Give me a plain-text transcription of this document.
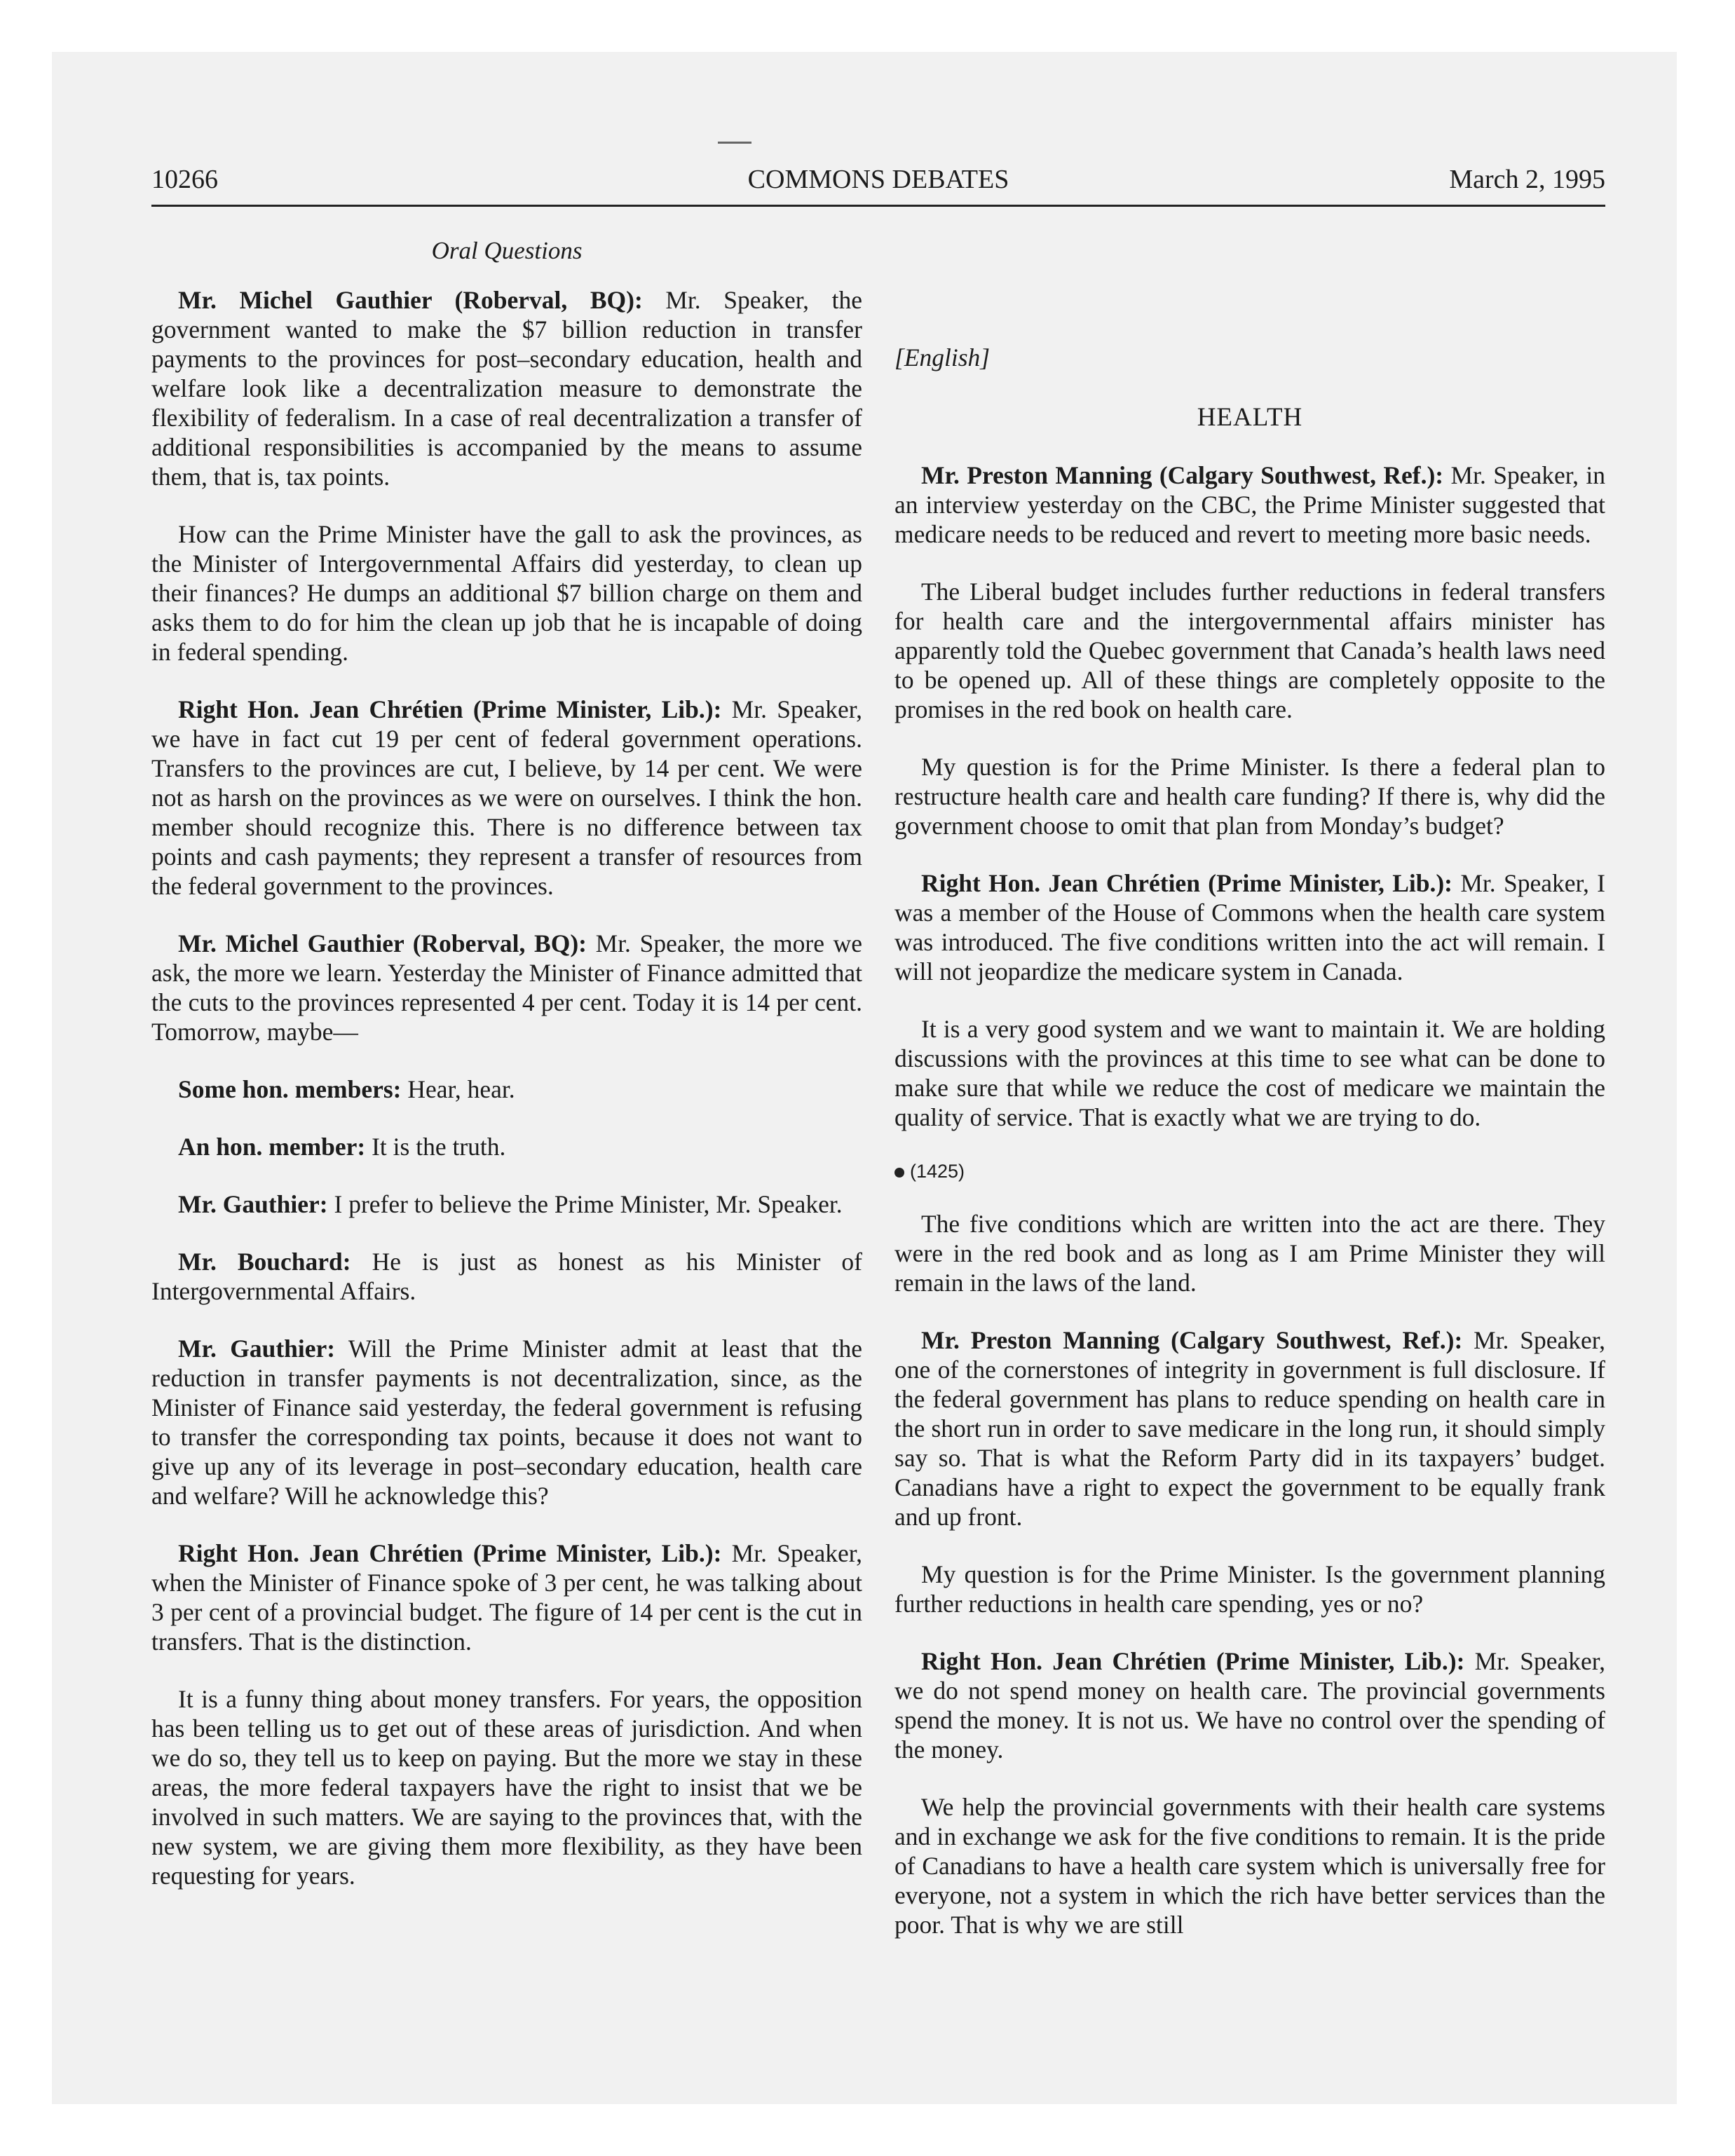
10266	COMMONS DEBATES	March 2, 1995
Oral Questions

Mr. Michel Gauthier (Roberval, BQ): Mr. Speaker, the government wanted to make the $7 billion reduction in transfer payments to the provinces for post–secondary education, health and welfare look like a decentralization measure to demonstrate the flexibility of federalism. In a case of real decentralization a transfer of additional responsibilities is accompanied by the means to assume them, that is, tax points.

How can the Prime Minister have the gall to ask the provinces, as the Minister of Intergovernmental Affairs did yesterday, to clean up their finances? He dumps an additional $7 billion charge on them and asks them to do for him the clean up job that he is incapable of doing in federal spending.

Right Hon. Jean Chrétien (Prime Minister, Lib.): Mr. Speaker, we have in fact cut 19 per cent of federal government operations. Transfers to the provinces are cut, I believe, by 14 per cent. We were not as harsh on the provinces as we were on ourselves. I think the hon. member should recognize this. There is no difference between tax points and cash payments; they represent a transfer of resources from the federal government to the provinces.

Mr. Michel Gauthier (Roberval, BQ): Mr. Speaker, the more we ask, the more we learn. Yesterday the Minister of Finance admitted that the cuts to the provinces represented 4 per cent. Today it is 14 per cent. Tomorrow, maybe—

Some hon. members: Hear, hear.

An hon. member: It is the truth.

Mr. Gauthier: I prefer to believe the Prime Minister, Mr. Speaker.

Mr. Bouchard: He is just as honest as his Minister of Intergovernmental Affairs.

Mr. Gauthier: Will the Prime Minister admit at least that the reduction in transfer payments is not decentralization, since, as the Minister of Finance said yesterday, the federal government is refusing to transfer the corresponding tax points, because it does not want to give up any of its leverage in post–secondary education, health care and welfare? Will he acknowledge this?

Right Hon. Jean Chrétien (Prime Minister, Lib.): Mr. Speaker, when the Minister of Finance spoke of 3 per cent, he was talking about 3 per cent of a provincial budget. The figure of 14 per cent is the cut in transfers. That is the distinction.

It is a funny thing about money transfers. For years, the opposition has been telling us to get out of these areas of jurisdiction. And when we do so, they tell us to keep on paying. But the more we stay in these areas, the more federal taxpayers have the right to insist that we be involved in such matters. We are saying to the provinces that, with the new system, we are giving them more flexibility, as they have been requesting for years.

[English]
HEALTH

Mr. Preston Manning (Calgary Southwest, Ref.): Mr. Speaker, in an interview yesterday on the CBC, the Prime Minister suggested that medicare needs to be reduced and revert to meeting more basic needs.

The Liberal budget includes further reductions in federal transfers for health care and the intergovernmental affairs minister has apparently told the Quebec government that Canada’s health laws need to be opened up. All of these things are completely opposite to the promises in the red book on health care.

My question is for the Prime Minister. Is there a federal plan to restructure health care and health care funding? If there is, why did the government choose to omit that plan from Monday’s budget?

Right Hon. Jean Chrétien (Prime Minister, Lib.): Mr. Speaker, I was a member of the House of Commons when the health care system was introduced. The five conditions written into the act will remain. I will not jeopardize the medicare system in Canada.

It is a very good system and we want to maintain it. We are holding discussions with the provinces at this time to see what can be done to make sure that while we reduce the cost of medicare we maintain the quality of service. That is exactly what we are trying to do.

(1425)

The five conditions which are written into the act are there. They were in the red book and as long as I am Prime Minister they will remain in the laws of the land.

Mr. Preston Manning (Calgary Southwest, Ref.): Mr. Speaker, one of the cornerstones of integrity in government is full disclosure. If the federal government has plans to reduce spending on health care in the short run in order to save medicare in the long run, it should simply say so. That is what the Reform Party did in its taxpayers’ budget. Canadians have a right to expect the government to be equally frank and up front.

My question is for the Prime Minister. Is the government planning further reductions in health care spending, yes or no?

Right Hon. Jean Chrétien (Prime Minister, Lib.): Mr. Speaker, we do not spend money on health care. The provincial governments spend the money. It is not us. We have no control over the spending of the money.

We help the provincial governments with their health care systems and in exchange we ask for the five conditions to remain. It is the pride of Canadians to have a health care system which is universally free for everyone, not a system in which the rich have better services than the poor. That is why we are still
